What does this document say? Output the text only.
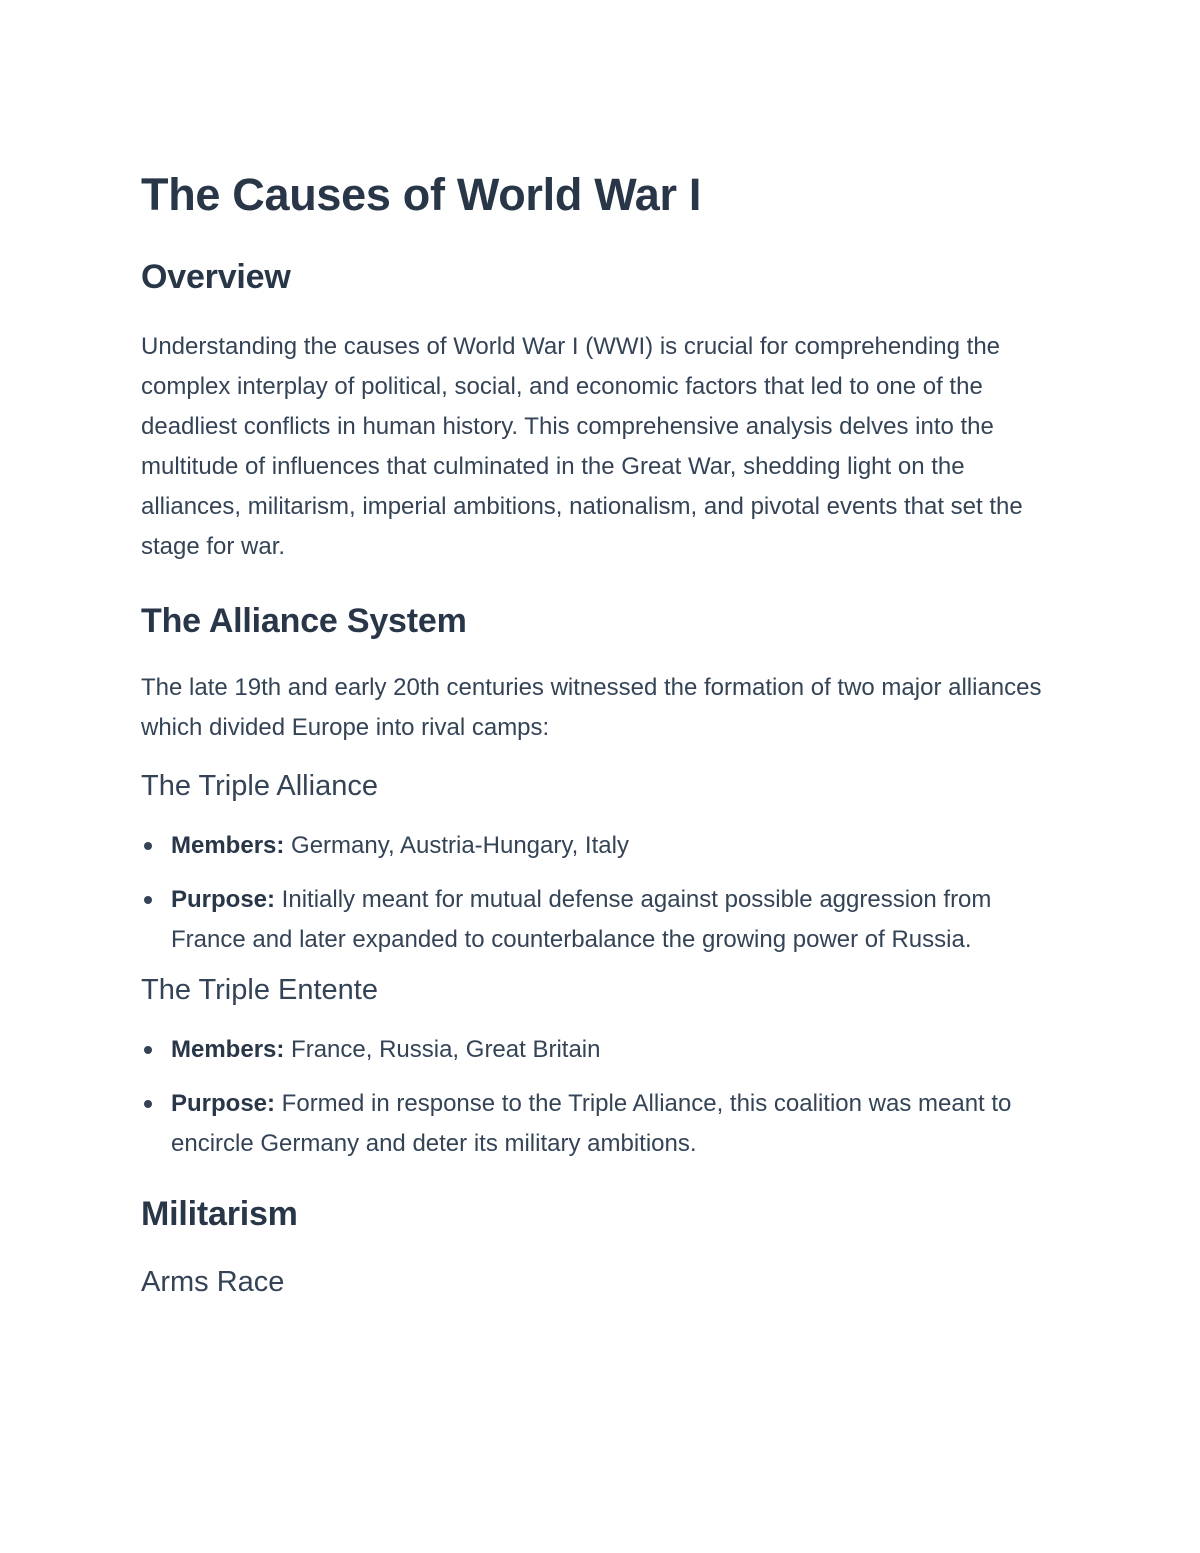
The Causes of World War I
Overview

Understanding the causes of World War I (WWI) is crucial for comprehending the complex interplay of political, social, and economic factors that led to one of the deadliest conflicts in human history. This comprehensive analysis delves into the multitude of influences that culminated in the Great War, shedding light on the alliances, militarism, imperial ambitions, nationalism, and pivotal events that set the stage for war.

The Alliance System

The late 19th and early 20th centuries witnessed the formation of two major alliances which divided Europe into rival camps:

The Triple Alliance
Members: Germany, Austria-Hungary, Italy
Purpose: Initially meant for mutual defense against possible aggression from France and later expanded to counterbalance the growing power of Russia.
The Triple Entente
Members: France, Russia, Great Britain
Purpose: Formed in response to the Triple Alliance, this coalition was meant to encircle Germany and deter its military ambitions.
Militarism
Arms Race
